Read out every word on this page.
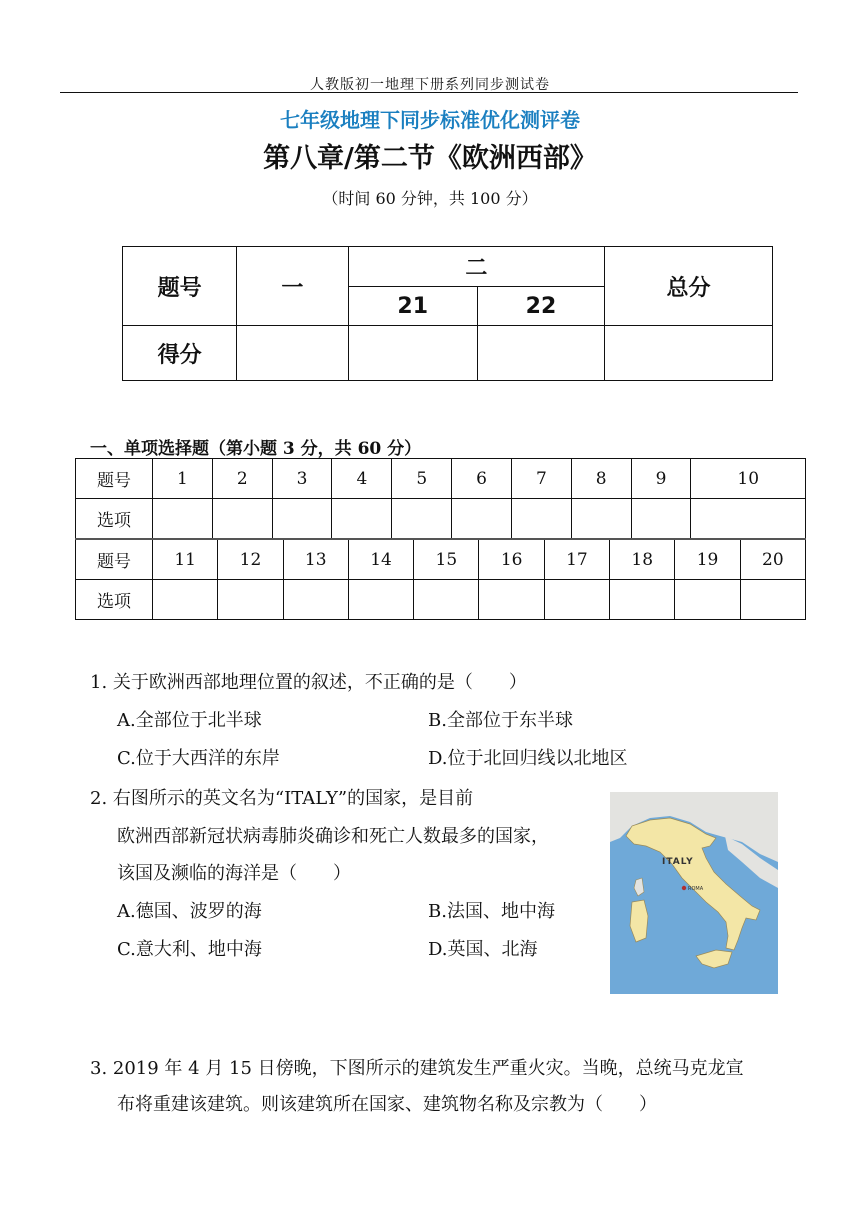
人教版初一地理下册系列同步测试卷
七年级地理下同步标准优化测评卷
第八章/第二节《欧洲西部》
（时间 60 分钟，共 100 分）
题号	一	二		总分
		21	22	
得分				
一、单项选择题（第小题 3 分，共 60 分）
题号	1	2	3	4	5	6	7	8	9	10
选项										
题号	11	12	13	14	15	16	17	18	19	20
选项										
1. 关于欧洲西部地理位置的叙述，不正确的是（　　）
A.全部位于北半球	B.全部位于东半球
C.位于大西洋的东岸	D.位于北回归线以北地区
2. 右图所示的英文名为“ITALY”的国家，是目前
欧洲西部新冠状病毒肺炎确诊和死亡人数最多的国家，
该国及濒临的海洋是（　　）
A.德国、波罗的海	B.法国、地中海
C.意大利、地中海	D.英国、北海
ITALY
ROMA
3. 2019 年 4 月 15 日傍晚，下图所示的建筑发生严重火灾。当晚，总统马克龙宣
布将重建该建筑。则该建筑所在国家、建筑物名称及宗教为（　　）
